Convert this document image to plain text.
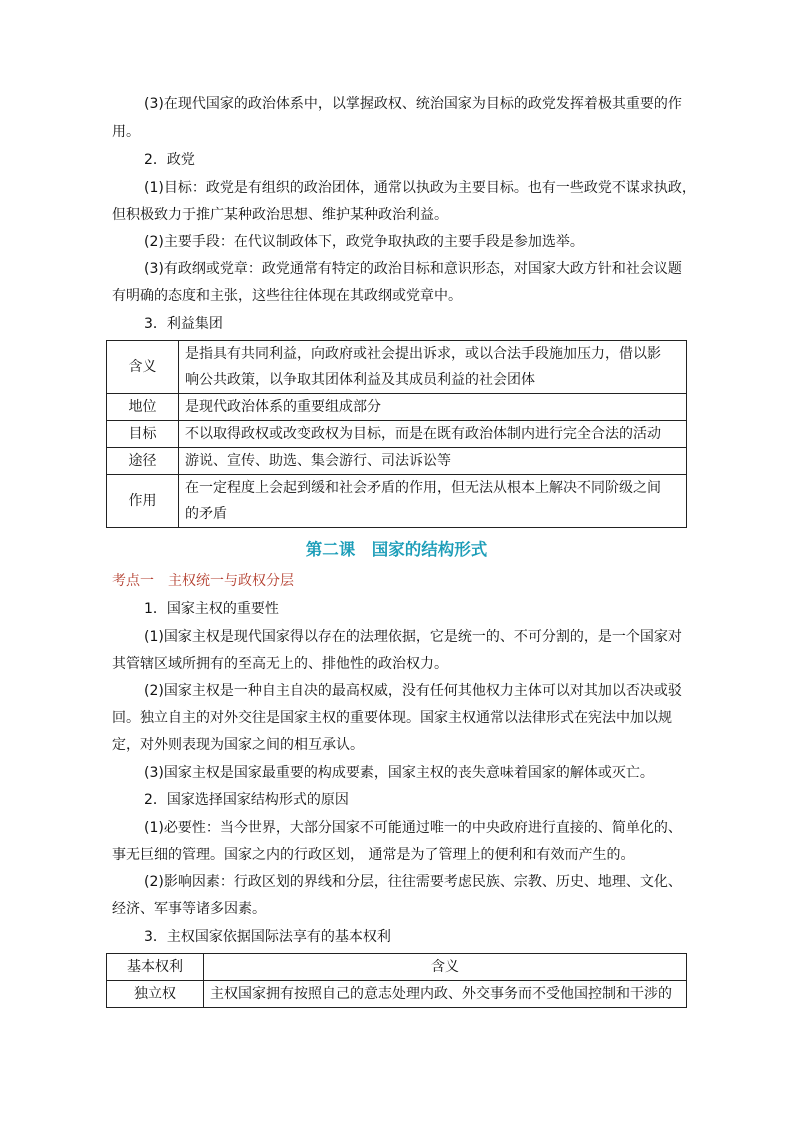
(3)在现代国家的政治体系中，以掌握政权、统治国家为目标的政党发挥着极其重要的作
用。
2．政党
(1)目标：政党是有组织的政治团体，通常以执政为主要目标。也有一些政党不谋求执政，
但积极致力于推广某种政治思想、维护某种政治利益。
(2)主要手段：在代议制政体下，政党争取执政的主要手段是参加选举。
(3)有政纲或党章：政党通常有特定的政治目标和意识形态，对国家大政方针和社会议题
有明确的态度和主张，这些往往体现在其政纲或党章中。
3．利益集团
含义	是指具有共同利益，向政府或社会提出诉求，或以合法手段施加压力，借以影
响公共政策，以争取其团体利益及其成员利益的社会团体

地位	是现代政治体系的重要组成部分
目标	不以取得政权或改变政权为目标，而是在既有政治体制内进行完全合法的活动
途径	游说、宣传、助选、集会游行、司法诉讼等
作用	在一定程度上会起到缓和社会矛盾的作用，但无法从根本上解决不同阶级之间
的矛盾
第二课　国家的结构形式
考点一　主权统一与政权分层
1．国家主权的重要性
(1)国家主权是现代国家得以存在的法理依据，它是统一的、不可分割的，是一个国家对
其管辖区域所拥有的至高无上的、排他性的政治权力。
(2)国家主权是一种自主自决的最高权威，没有任何其他权力主体可以对其加以否决或驳
回。独立自主的对外交往是国家主权的重要体现。国家主权通常以法律形式在宪法中加以规
定，对外则表现为国家之间的相互承认。
(3)国家主权是国家最重要的构成要素，国家主权的丧失意味着国家的解体或灭亡。
2．国家选择国家结构形式的原因
(1)必要性：当今世界，大部分国家不可能通过唯一的中央政府进行直接的、简单化的、
事无巨细的管理。国家之内的行政区划， 通常是为了管理上的便利和有效而产生的。
(2)影响因素：行政区划的界线和分层，往往需要考虑民族、宗教、历史、地理、文化、
经济、军事等诸多因素。
3．主权国家依据国际法享有的基本权利
基本权利	含义
独立权	主权国家拥有按照自己的意志处理内政、外交事务而不受他国控制和干涉的
